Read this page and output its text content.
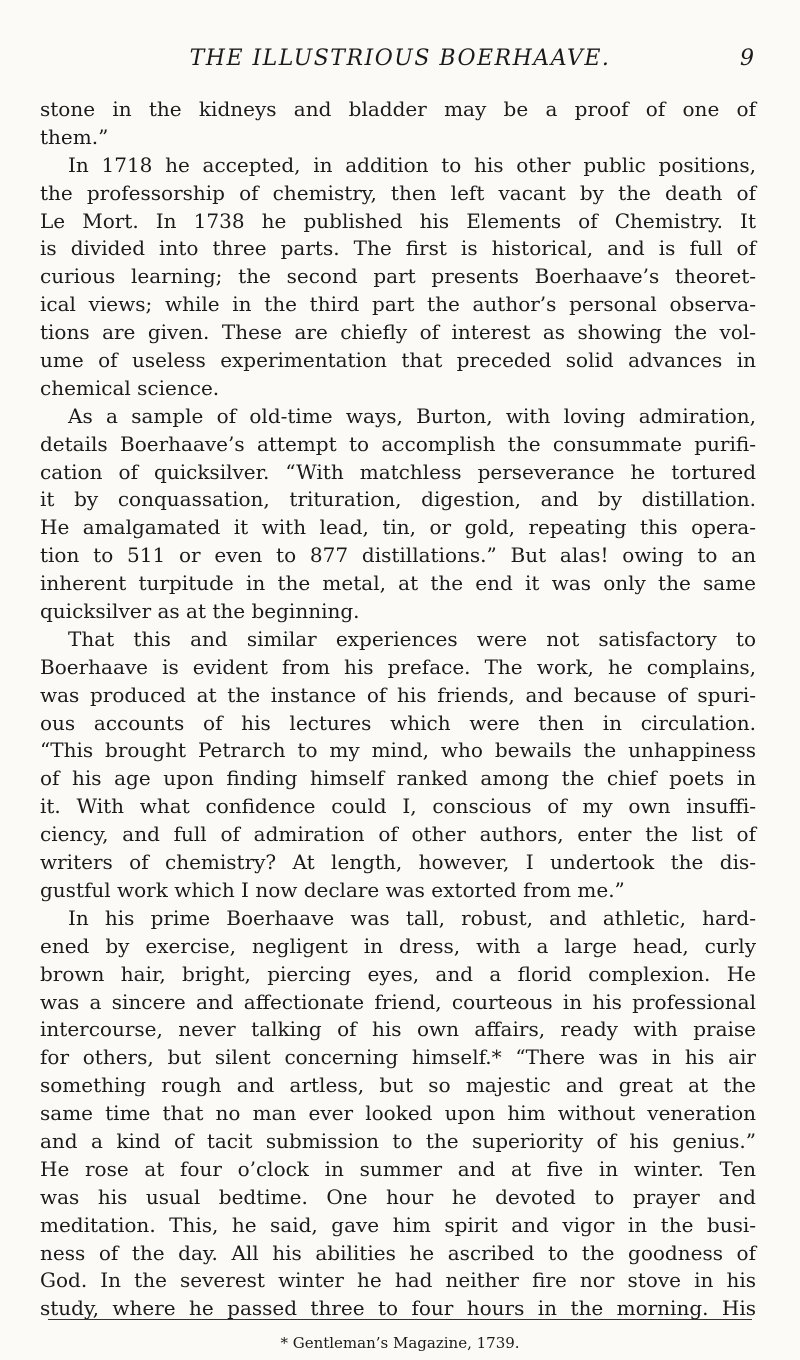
THE ILLUSTRIOUS BOERHAAVE.	9
stone in the kidneys and bladder may be a proof of one of
them.”
In 1718 he accepted, in addition to his other public positions,
the professorship of chemistry, then left vacant by the death of
Le Mort. In 1738 he published his Elements of Chemistry. It
is divided into three parts. The first is historical, and is full of
curious learning; the second part presents Boerhaave’s theoret-
ical views; while in the third part the author’s personal observa-
tions are given. These are chiefly of interest as showing the vol-
ume of useless experimentation that preceded solid advances in
chemical science.
As a sample of old-time ways, Burton, with loving admiration,
details Boerhaave’s attempt to accomplish the consummate purifi-
cation of quicksilver. “With matchless perseverance he tortured
it by conquassation, trituration, digestion, and by distillation.
He amalgamated it with lead, tin, or gold, repeating this opera-
tion to 511 or even to 877 distillations.” But alas! owing to an
inherent turpitude in the metal, at the end it was only the same
quicksilver as at the beginning.
That this and similar experiences were not satisfactory to
Boerhaave is evident from his preface. The work, he complains,
was produced at the instance of his friends, and because of spuri-
ous accounts of his lectures which were then in circulation.
“This brought Petrarch to my mind, who bewails the unhappiness
of his age upon finding himself ranked among the chief poets in
it. With what confidence could I, conscious of my own insuffi-
ciency, and full of admiration of other authors, enter the list of
writers of chemistry? At length, however, I undertook the dis-
gustful work which I now declare was extorted from me.”
In his prime Boerhaave was tall, robust, and athletic, hard-
ened by exercise, negligent in dress, with a large head, curly
brown hair, bright, piercing eyes, and a florid complexion. He
was a sincere and affectionate friend, courteous in his professional
intercourse, never talking of his own affairs, ready with praise
for others, but silent concerning himself.* “There was in his air
something rough and artless, but so majestic and great at the
same time that no man ever looked upon him without veneration
and a kind of tacit submission to the superiority of his genius.”
He rose at four o’clock in summer and at five in winter. Ten
was his usual bedtime. One hour he devoted to prayer and
meditation. This, he said, gave him spirit and vigor in the busi-
ness of the day. All his abilities he ascribed to the goodness of
God. In the severest winter he had neither fire nor stove in his
study, where he passed three to four hours in the morning. His
* Gentleman’s Magazine, 1739.
